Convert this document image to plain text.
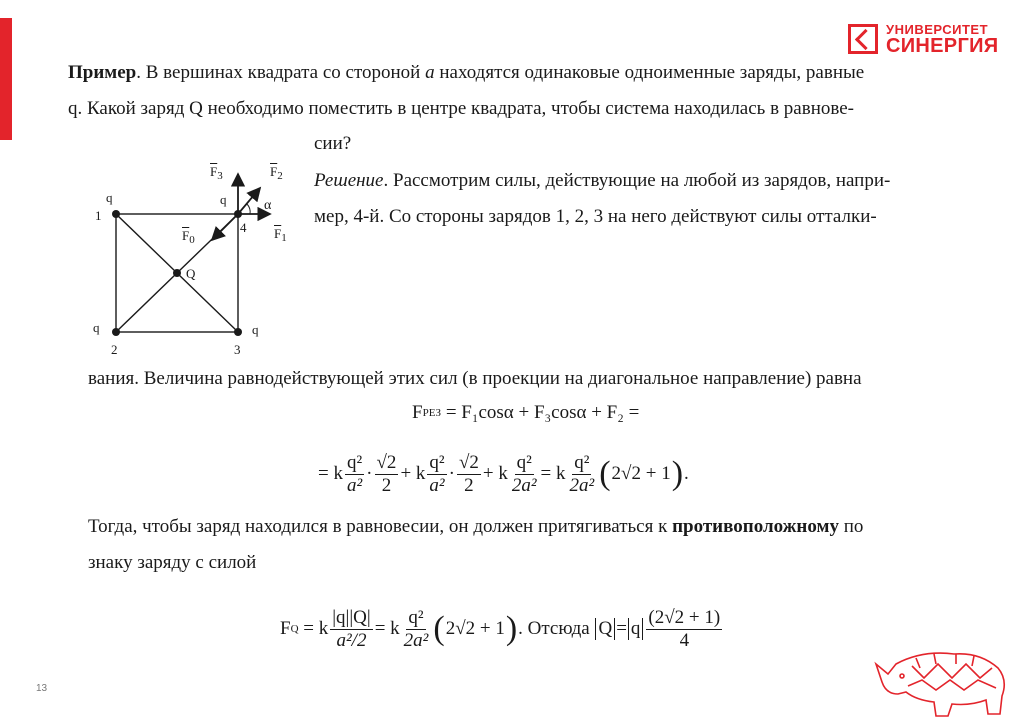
УНИВЕРСИТЕТ
СИНЕРГИЯ
Пример. В вершинах квадрата со стороной a находятся одинаковые одноименные заряды, равные
q. Какой заряд Q необходимо поместить в центре квадрата, чтобы система находилась в равнове-
сии?
Решение. Рассмотрим силы, действующие на любой из зарядов, напри-
мер, 4-й. Со стороны зарядов 1, 2, 3 на него действуют силы отталки-
q
1
q
2
q
3
q
4
Q
α
$\overline{F}_1$
$\overline{F}_2$
$\overline{F}_3$
$\overline{F}_0$
вания. Величина равнодействующей этих сил (в проекции на диагональное направление) равна
F РЕЗ
= F₁cosα + F₃cosα + F₂ =
= k $\frac{\text{q²}}{\text{a²}} \cdot \frac{√2}{2} + k \frac{\text{q²}}{\text{a²}} \cdot \frac{√2}{2} + k \frac{\text{q²}}{\text{2a²}} = k \frac{\text{q²}}{\text{2a²}}$ ( 2√2 + 1 ) .
Тогда, чтобы заряд находился в равновесии, он должен притягиваться к противоположному по
знаку заряду с силой
F Q
= k $\frac{|q||Q|}{\text{a²/2}} = k \frac{\text{q²}}{\text{2a²}}$ ( 2√2 + 1 ) . Отсюда
Q = q $\frac{(2√2 + 1)}{4}$
13
